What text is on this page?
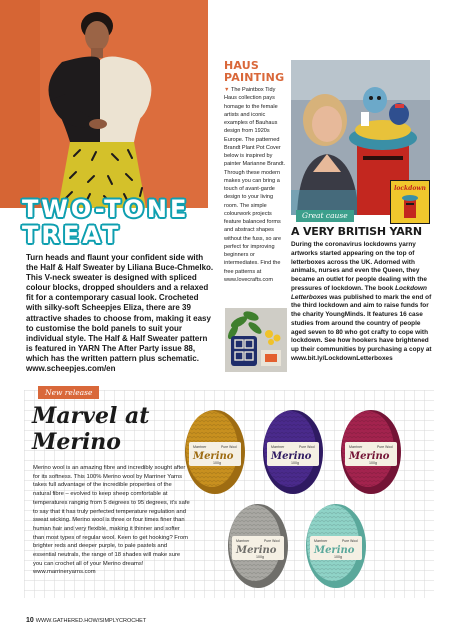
TWO-TONE
TREAT

Turn heads and flaunt your confident side with the Half & Half Sweater by Liliana Buce-Chmelko. This V-neck sweater is designed with spliced colour blocks, dropped shoulders and a relaxed fit for a contemporary casual look. Crocheted with silky-soft Scheepjes Eliza, there are 39 attractive shades to choose from, making it easy to customise the bold panels to suit your individual style. The Half & Half Sweater pattern is featured in YARN The After Party issue 88, which has the written pattern plus schematic. www.scheepjes.com/en

HAUS
PAINTING

▼ The Paintbox Tidy Haus collection pays homage to the female artists and iconic examples of Bauhaus design from 1920s Europe. The patterned Brandt Plant Pot Cover below is inspired by painter Marianne Brandt. Through these modern makes you can bring a touch of avant-garde design to your living room. The simple colourwork projects feature balanced forms and abstract shapes without the fuss, so are perfect for improving beginners or intermediates. Find the free patterns at www.lovecrafts.com

Great cause
lockdown
A VERY BRITISH YARN

During the coronavirus lockdowns yarny artworks started appearing on the top of letterboxes across the UK. Adorned with animals, nurses and even the Queen, they became an outlet for people dealing with the pressures of lockdown. The book Lockdown Letterboxes was published to mark the end of the third lockdown and aim to raise funds for the charity YoungMinds. It features 16 case studies from around the country of people aged seven to 80 who got crafty to cope with lockdown. See how hookers have brightened up their communities by purchasing a copy at www.bit.ly/LockdownLetterboxes

New release
Marvel at
Merino

Merino wool is an amazing fibre and incredibly sought after for its softness. This 100% Merino wool by Marriner Yarns takes full advantage of the incredible properties of the natural fibre – evolved to keep sheep comfortable at temperatures ranging from 5 degrees to 95 degrees, it's safe to say that it has truly perfected temperature regulation and sweat wicking. Merino wool is three or four times finer than human hair and very flexible, making it thinner and softer than most types of regular wool. Keen to get hooking? From brighter reds and deeper purple, to pale pastels and essential neutrals, the range of 18 shades will make sure you can crochet all of your Merino dreams! www.marrineryarns.com

Marriner	Pure Wool
Merino
100g
Marriner	Pure Wool
Merino
100g
Marriner	Pure Wool
Merino
100g
Marriner	Pure Wool
Merino
100g
Marriner	Pure Wool
Merino
100g
10 WWW.GATHERED.HOW/SIMPLYCROCHET
